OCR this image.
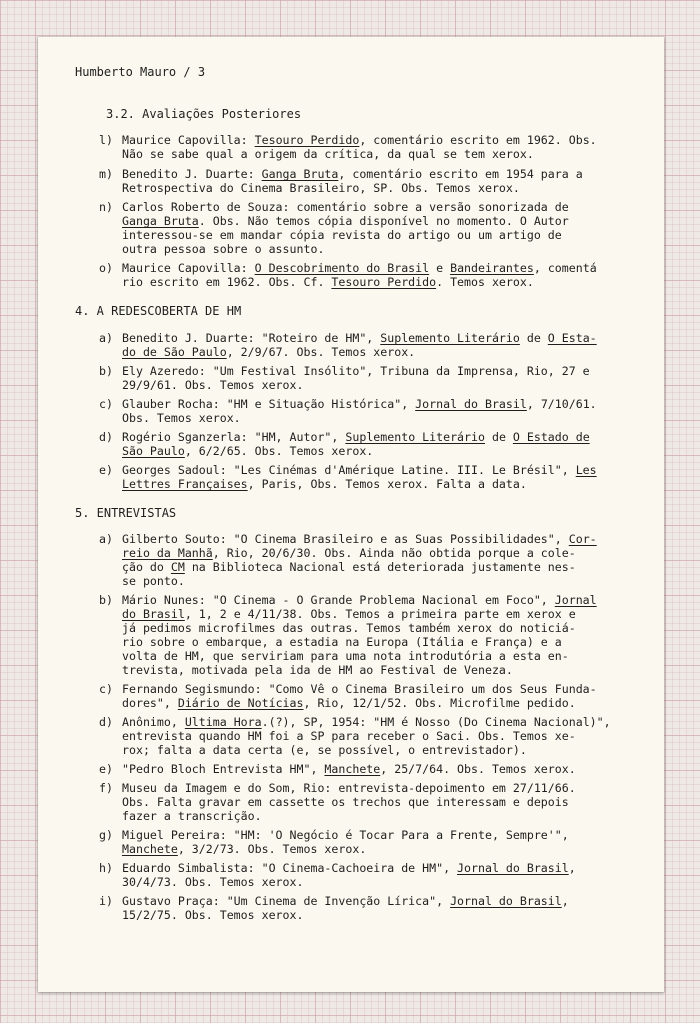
Humberto Mauro / 3
3.2. Avaliações Posteriores
l) Maurice Capovilla: Tesouro Perdido, comentário escrito em 1962. Obs.
Não se sabe qual a origem da crítica, da qual se tem xerox.
m) Benedito J. Duarte: Ganga Bruta, comentário escrito em 1954 para a
Retrospectiva do Cinema Brasileiro, SP. Obs. Temos xerox.
n) Carlos Roberto de Souza: comentário sobre a versão sonorizada de
Ganga Bruta. Obs. Não temos cópia disponível no momento. O Autor
interessou-se em mandar cópia revista do artigo ou um artigo de
outra pessoa sobre o assunto.
o) Maurice Capovilla: O Descobrimento do Brasil e Bandeirantes, comentá
rio escrito em 1962. Obs. Cf. Tesouro Perdido. Temos xerox.
4. A REDESCOBERTA DE HM
a) Benedito J. Duarte: "Roteiro de HM", Suplemento Literário de O Esta-
do de São Paulo, 2/9/67. Obs. Temos xerox.
b) Ely Azeredo: "Um Festival Insólito", Tribuna da Imprensa, Rio, 27 e
29/9/61. Obs. Temos xerox.
c) Glauber Rocha: "HM e Situação Histórica", Jornal do Brasil, 7/10/61.
Obs. Temos xerox.
d) Rogério Sganzerla: "HM, Autor", Suplemento Literário de O Estado de
São Paulo, 6/2/65. Obs. Temos xerox.
e) Georges Sadoul: "Les Cinémas d'Amérique Latine. III. Le Brésil", Les
Lettres Françaises, Paris, Obs. Temos xerox. Falta a data.
5. ENTREVISTAS
a) Gilberto Souto: "O Cinema Brasileiro e as Suas Possibilidades", Cor-
reio da Manhã, Rio, 20/6/30. Obs. Ainda não obtida porque a cole-
ção do CM na Biblioteca Nacional está deteriorada justamente nes-
se ponto.
b) Mário Nunes: "O Cinema - O Grande Problema Nacional em Foco", Jornal
do Brasil, 1, 2 e 4/11/38. Obs. Temos a primeira parte em xerox e
já pedimos microfilmes das outras. Temos também xerox do noticiá-
rio sobre o embarque, a estadia na Europa (Itália e França) e a
volta de HM, que serviriam para uma nota introdutória a esta en-
trevista, motivada pela ida de HM ao Festival de Veneza.
c) Fernando Segismundo: "Como Vê o Cinema Brasileiro um dos Seus Funda-
dores", Diário de Notícias, Rio, 12/1/52. Obs. Microfilme pedido.
d) Anônimo, Ultima Hora.(?), SP, 1954: "HM é Nosso (Do Cinema Nacional)",
entrevista quando HM foi a SP para receber o Saci. Obs. Temos xe-
rox; falta a data certa (e, se possível, o entrevistador).
e) "Pedro Bloch Entrevista HM", Manchete, 25/7/64. Obs. Temos xerox.
f) Museu da Imagem e do Som, Rio: entrevista-depoimento em 27/11/66.
Obs. Falta gravar em cassette os trechos que interessam e depois
fazer a transcrição.
g) Miguel Pereira: "HM: 'O Negócio é Tocar Para a Frente, Sempre'",
Manchete, 3/2/73. Obs. Temos xerox.
h) Eduardo Simbalista: "O Cinema-Cachoeira de HM", Jornal do Brasil,
30/4/73. Obs. Temos xerox.
i) Gustavo Praça: "Um Cinema de Invenção Lírica", Jornal do Brasil,
15/2/75. Obs. Temos xerox.
